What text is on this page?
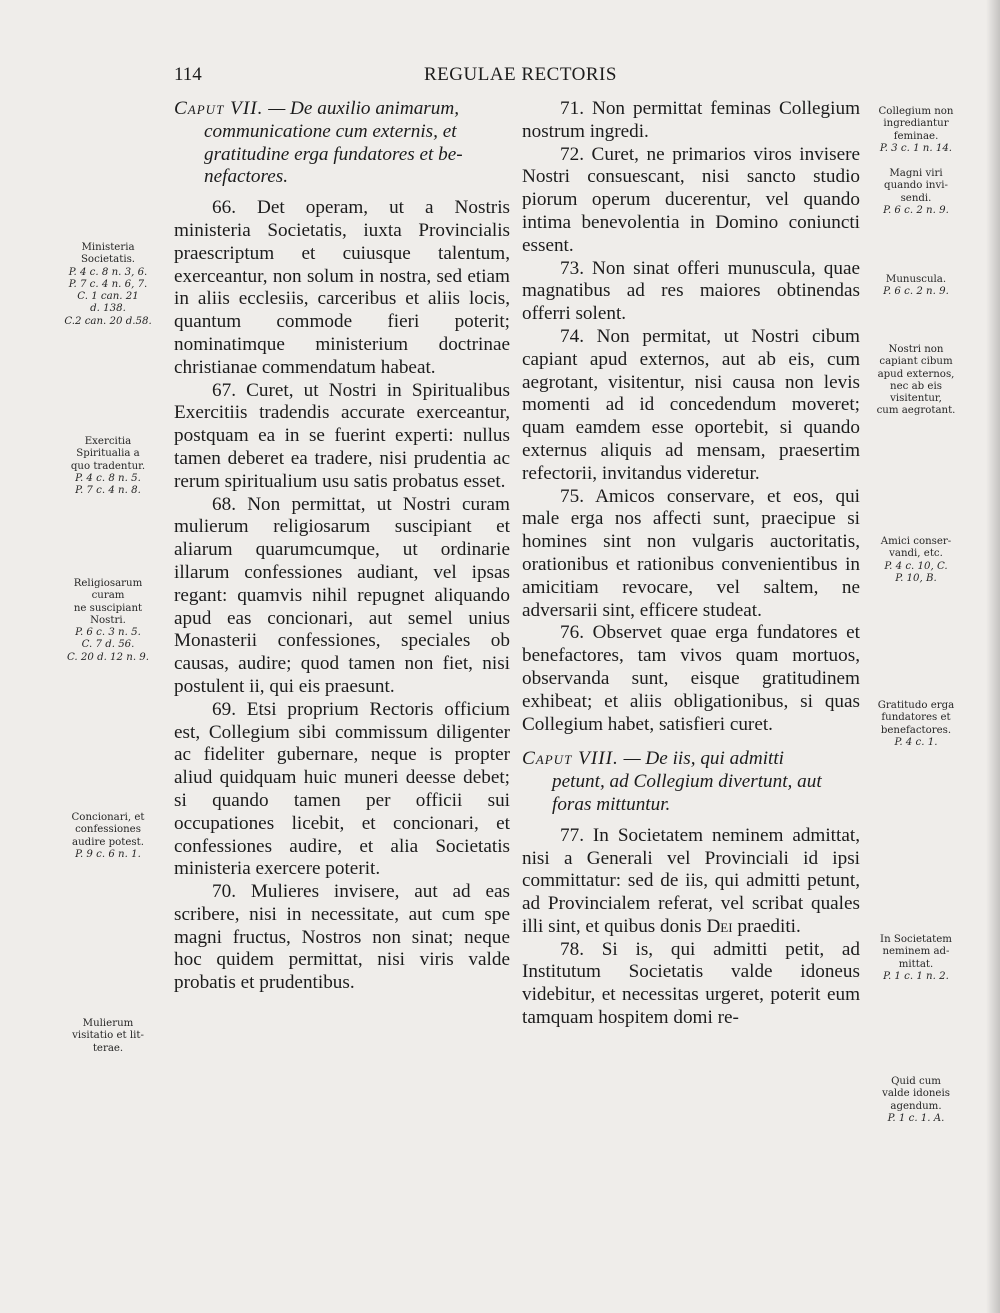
114	REGULAE RECTORIS
Caput VII. — De auxilio animarum,
communicatione cum externis, et
gratitudine erga fundatores et be-
nefactores.

66. Det operam, ut a Nostris ministeria Societatis, iuxta Provincialis praescriptum et cuiusque talentum, exerceantur, non solum in nostra, sed etiam in aliis ecclesiis, carceribus et aliis locis, quantum commode fieri poterit; nominatimque ministerium doctrinae christianae commendatum habeat.

67. Curet, ut Nostri in Spiritualibus Exercitiis tradendis accurate exerceantur, postquam ea in se fuerint experti: nullus tamen deberet ea tradere, nisi prudentia ac rerum spiritualium usu satis probatus esset.

68. Non permittat, ut Nostri curam mulierum religiosarum suscipiant et aliarum quarumcumque, ut ordinarie illarum confessiones audiant, vel ipsas regant: quamvis nihil repugnet aliquando apud eas concionari, aut semel unius Monasterii confessiones, speciales ob causas, audire; quod tamen non fiet, nisi postulent ii, qui eis praesunt.

69. Etsi proprium Rectoris officium est, Collegium sibi commissum diligenter ac fideliter gubernare, neque is propter aliud quidquam huic muneri deesse debet; si quando tamen per officii sui occupationes licebit, et concionari, et confessiones audire, et alia Societatis ministeria exercere poterit.

70. Mulieres invisere, aut ad eas scribere, nisi in necessitate, aut cum spe magni fructus, Nostros non sinat; neque hoc quidem permittat, nisi viris valde probatis et prudentibus.

71. Non permittat feminas Collegium nostrum ingredi.

72. Curet, ne primarios viros invisere Nostri consuescant, nisi sancto studio piorum operum ducerentur, vel quando intima benevolentia in Domino coniuncti essent.

73. Non sinat offeri munuscula, quae magnatibus ad res maiores obtinendas offerri solent.

74. Non permitat, ut Nostri cibum capiant apud externos, aut ab eis, cum aegrotant, visitentur, nisi causa non levis momenti ad id concedendum moveret; quam eamdem esse oportebit, si quando externus aliquis ad mensam, praesertim refectorii, invitandus videretur.

75. Amicos conservare, et eos, qui male erga nos affecti sunt, praecipue si homines sint non vulgaris auctoritatis, orationibus et rationibus convenientibus in amicitiam revocare, vel saltem, ne adversarii sint, efficere studeat.

76. Observet quae erga fundatores et benefactores, tam vivos quam mortuos, observanda sunt, eisque gratitudinem exhibeat; et aliis obligationibus, si quas Collegium habet, satisfieri curet.

Caput VIII. — De iis, qui admitti
petunt, ad Collegium divertunt, aut
foras mittuntur.

77. In Societatem neminem admittat, nisi a Generali vel Provinciali id ipsi committatur: sed de iis, qui admitti petunt, ad Provincialem referat, vel scribat quales illi sint, et quibus donis Dei praediti.

78. Si is, qui admitti petit, ad Institutum Societatis valde idoneus videbitur, et necessitas urgeret, poterit eum tamquam hospitem domi re-

Ministeria
Societatis.
P. 4 c. 8 n. 3, 6.
P. 7 c. 4 n. 6, 7.
C. 1 can. 21
d. 138.
C.2 can. 20 d.58.
Exercitia
Spiritualia a
quo tradentur.
P. 4 c. 8 n. 5.
P. 7 c. 4 n. 8.
Religiosarum
curam
ne suscipiant
Nostri.
P. 6 c. 3 n. 5.
C. 7 d. 56.
C. 20 d. 12 n. 9.
Concionari, et
confessiones
audire potest.
P. 9 c. 6 n. 1.
Mulierum
visitatio et lit-
terae.
Collegium non
ingrediantur
feminae.
P. 3 c. 1 n. 14.
Magni viri
quando invi-
sendi.
P. 6 c. 2 n. 9.
Munuscula.
P. 6 c. 2 n. 9.
Nostri non
capiant cibum
apud externos,
nec ab eis
visitentur,
cum aegrotant.
Amici conser-
vandi, etc.
P. 4 c. 10, C.
P. 10, B.
Gratitudo erga
fundatores et
benefactores.
P. 4 c. 1.
In Societatem
neminem ad-
mittat.
P. 1 c. 1 n. 2.
Quid cum
valde idoneis
agendum.
P. 1 c. 1. A.
